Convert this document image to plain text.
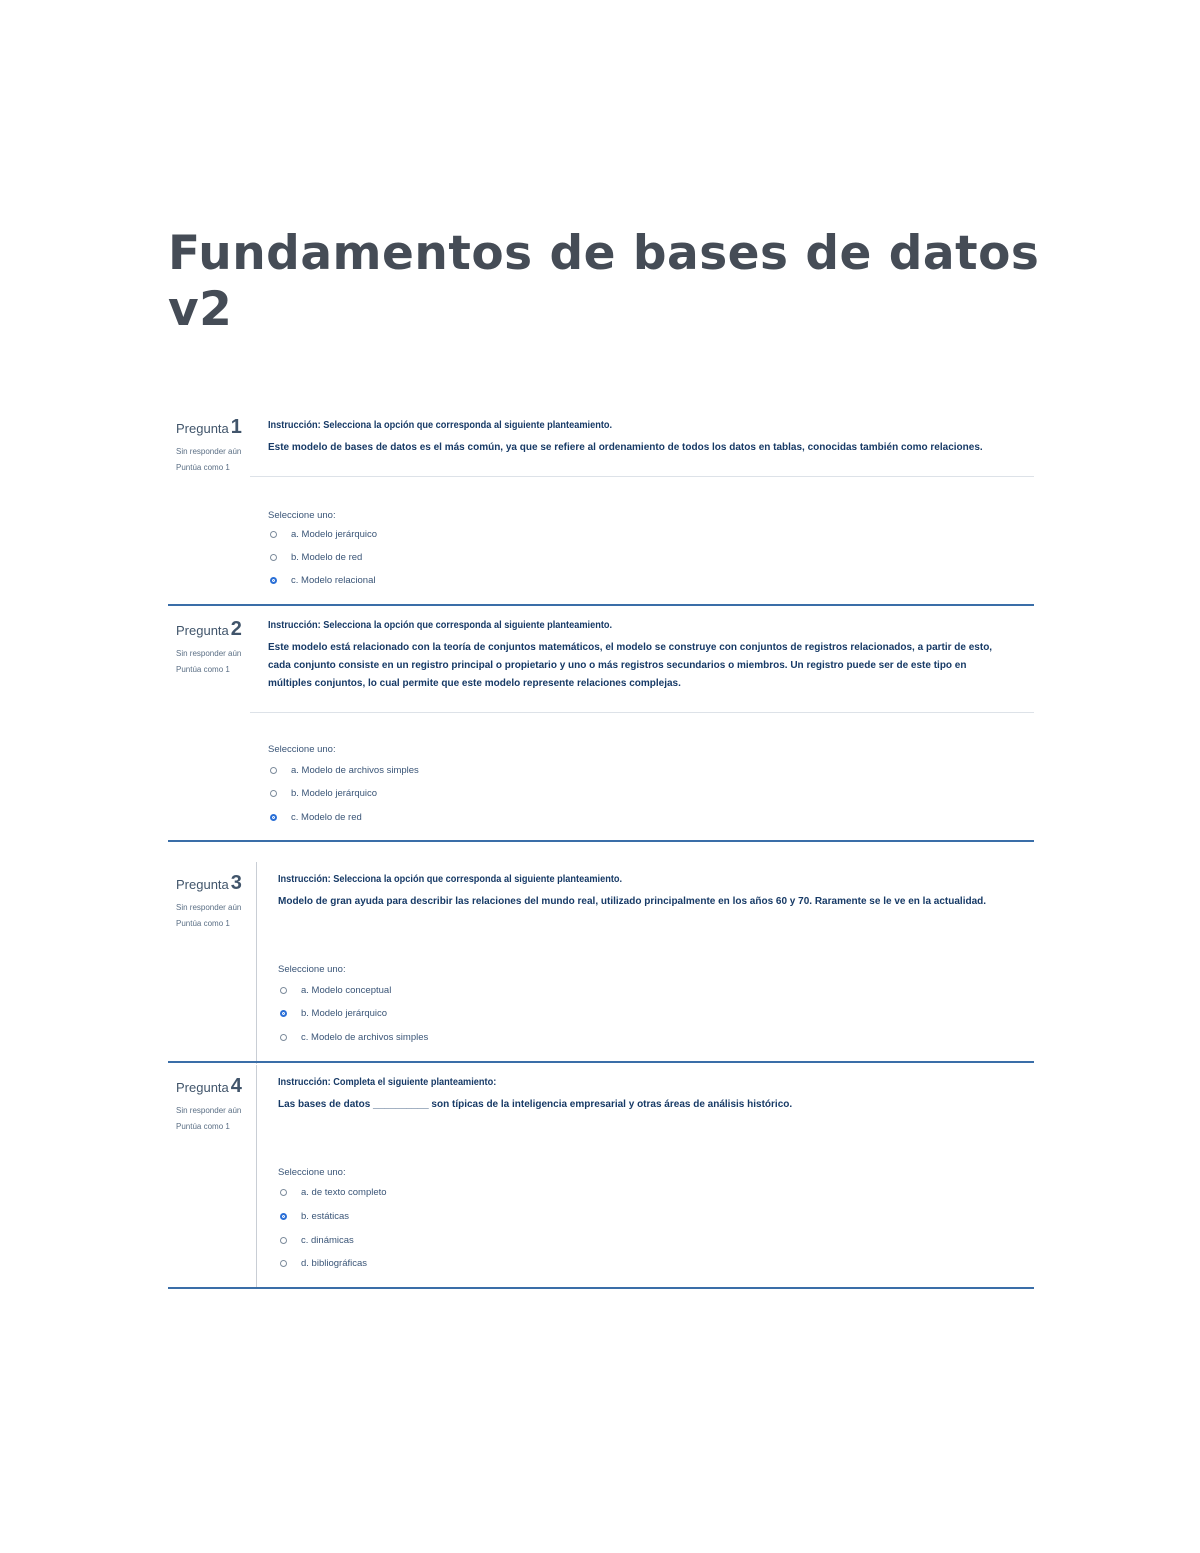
Fundamentos de bases de datos v2
Pregunta 1
Sin responder aún
Puntúa como 1
Instrucción: Selecciona la opción que corresponda al siguiente planteamiento.
Este modelo de bases de datos es el más común, ya que se refiere al ordenamiento de todos los datos en tablas, conocidas también como relaciones.
Seleccione uno:
a. Modelo jerárquico
b. Modelo de red
c. Modelo relacional
Pregunta 2
Sin responder aún
Puntúa como 1
Instrucción: Selecciona la opción que corresponda al siguiente planteamiento.
Este modelo está relacionado con la teoría de conjuntos matemáticos, el modelo se construye con conjuntos de registros relacionados, a partir de esto, cada conjunto consiste en un registro principal o propietario y uno o más registros secundarios o miembros. Un registro puede ser de este tipo en múltiples conjuntos, lo cual permite que este modelo represente relaciones complejas.
Seleccione uno:
a. Modelo de archivos simples
b. Modelo jerárquico
c. Modelo de red
Pregunta 3
Sin responder aún
Puntúa como 1
Instrucción: Selecciona la opción que corresponda al siguiente planteamiento.
Modelo de gran ayuda para describir las relaciones del mundo real, utilizado principalmente en los años 60 y 70. Raramente se le ve en la actualidad.
Seleccione uno:
a. Modelo conceptual
b. Modelo jerárquico
c. Modelo de archivos simples
Pregunta 4
Sin responder aún
Puntúa como 1
Instrucción: Completa el siguiente planteamiento:
Las bases de datos __________ son típicas de la inteligencia empresarial y otras áreas de análisis histórico.
Seleccione uno:
a. de texto completo
b. estáticas
c. dinámicas
d. bibliográficas
